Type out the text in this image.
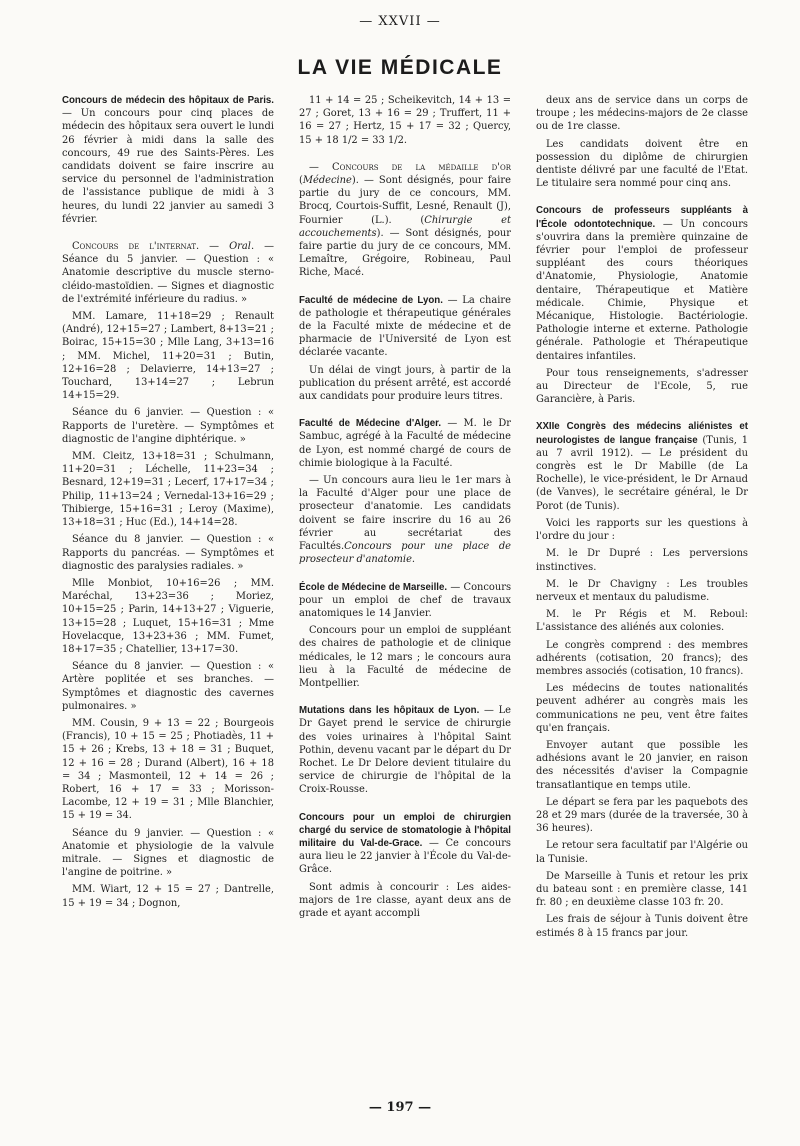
— XXVII —
LA VIE MÉDICALE

Concours de médecin des hôpitaux de Paris. — Un concours pour cinq places de médecin des hôpitaux sera ouvert le lundi 26 février à midi dans la salle des concours, 49 rue des Saints-Pères. Les candidats doivent se faire inscrire au service du personnel de l'administration de l'assistance publique de midi à 3 heures, du lundi 22 janvier au samedi 3 février.

Concours de l'internat. — Oral. — Séance du 5 janvier. — Question : « Anatomie descriptive du muscle sterno-cléido-mastoïdien. — Signes et diagnostic de l'extrémité inférieure du radius. »

MM. Lamare, 11+18=29 ; Renault (André), 12+15=27 ; Lambert, 8+13=21 ; Boirac, 15+15=30 ; Mlle Lang, 3+13=16 ; MM. Michel, 11+20=31 ; Butin, 12+16=28 ; Delavierre, 14+13=27 ; Touchard, 13+14=27 ; Lebrun 14+15=29.

Séance du 6 janvier. — Question : « Rapports de l'uretère. — Symptômes et diagnostic de l'angine diphtérique. »

MM. Cleitz, 13+18=31 ; Schulmann, 11+20=31 ; Léchelle, 11+23=34 ; Besnard, 12+19=31 ; Lecerf, 17+17=34 ; Philip, 11+13=24 ; Vernedal-13+16=29 ; Thibierge, 15+16=31 ; Leroy (Maxime), 13+18=31 ; Huc (Ed.), 14+14=28.

Séance du 8 janvier. — Question : « Rapports du pancréas. — Symptômes et diagnostic des paralysies radiales. »

Mlle Monbiot, 10+16=26 ; MM. Maréchal, 13+23=36 ; Moriez, 10+15=25 ; Parin, 14+13+27 ; Viguerie, 13+15=28 ; Luquet, 15+16=31 ; Mme Hovelacque, 13+23+36 ; MM. Fumet, 18+17=35 ; Chatellier, 13+17=30.

Séance du 8 janvier. — Question : « Artère poplitée et ses branches. — Symptômes et diagnostic des cavernes pulmonaires. »

MM. Cousin, 9 + 13 = 22 ; Bourgeois (Francis), 10 + 15 = 25 ; Photiadès, 11 + 15 + 26 ; Krebs, 13 + 18 = 31 ; Buquet, 12 + 16 = 28 ; Durand (Albert), 16 + 18 = 34 ; Masmonteil, 12 + 14 = 26 ; Robert, 16 + 17 = 33 ; Morisson-Lacombe, 12 + 19 = 31 ; Mlle Blanchier, 15 + 19 = 34.

Séance du 9 janvier. — Question : « Anatomie et physiologie de la valvule mitrale. — Signes et diagnostic de l'angine de poitrine. »

MM. Wiart, 12 + 15 = 27 ; Dantrelle, 15 + 19 = 34 ; Dognon,

11 + 14 = 25 ; Scheikevitch, 14 + 13 = 27 ; Goret, 13 + 16 = 29 ; Truffert, 11 + 16 = 27 ; Hertz, 15 + 17 = 32 ; Quercy, 15 + 18 1/2 = 33 1/2.

— Concours de la médaille d'or (Médecine). — Sont désignés, pour faire partie du jury de ce concours, MM. Brocq, Courtois-Suffit, Lesné, Renault (J), Fournier (L.). (Chirurgie et accouchements). — Sont désignés, pour faire partie du jury de ce concours, MM. Lemaître, Grégoire, Robineau, Paul Riche, Macé.

Faculté de médecine de Lyon. — La chaire de pathologie et thérapeutique générales de la Faculté mixte de médecine et de pharmacie de l'Université de Lyon est déclarée vacante.

Un délai de vingt jours, à partir de la publication du présent arrêté, est accordé aux candidats pour produire leurs titres.

Faculté de Médecine d'Alger. — M. le Dr Sambuc, agrégé à la Faculté de médecine de Lyon, est nommé chargé de cours de chimie biologique à la Faculté.

— Un concours aura lieu le 1er mars à la Faculté d'Alger pour une place de prosecteur d'anatomie. Les candidats doivent se faire inscrire du 16 au 26 février au secrétariat des Facultés.Concours pour une place de prosecteur d'anatomie.

École de Médecine de Marseille. — Concours pour un emploi de chef de travaux anatomiques le 14 Janvier.

Concours pour un emploi de suppléant des chaires de pathologie et de clinique médicales, le 12 mars ; le concours aura lieu à la Faculté de médecine de Montpellier.

Mutations dans les hôpitaux de Lyon. — Le Dr Gayet prend le service de chirurgie des voies urinaires à l'hôpital Saint Pothin, devenu vacant par le départ du Dr Rochet. Le Dr Delore devient titulaire du service de chirurgie de l'hôpital de la Croix-Rousse.

Concours pour un emploi de chirurgien chargé du service de stomatologie à l'hôpital militaire du Val-de-Grace. — Ce concours aura lieu le 22 janvier à l'École du Val-de-Grâce.

Sont admis à concourir : Les aides-majors de 1re classe, ayant deux ans de grade et ayant accompli

deux ans de service dans un corps de troupe ; les médecins-majors de 2e classe ou de 1re classe.

Les candidats doivent être en possession du diplôme de chirurgien dentiste délivré par une faculté de l'Etat. Le titulaire sera nommé pour cinq ans.

Concours de professeurs suppléants à l'École odontotechnique. — Un concours s'ouvrira dans la première quinzaine de février pour l'emploi de professeur suppléant des cours théoriques d'Anatomie, Physiologie, Anatomie dentaire, Thérapeutique et Matière médicale. Chimie, Physique et Mécanique, Histologie. Bactériologie. Pathologie interne et externe. Pathologie générale. Pathologie et Thérapeutique dentaires infantiles.

Pour tous renseignements, s'adresser au Directeur de l'Ecole, 5, rue Garancière, à Paris.

XXIIe Congrès des médecins aliénistes et neurologistes de langue française (Tunis, 1 au 7 avril 1912). — Le président du congrès est le Dr Mabille (de La Rochelle), le vice-président, le Dr Arnaud (de Vanves), le secrétaire général, le Dr Porot (de Tunis).

Voici les rapports sur les questions à l'ordre du jour :

M. le Dr Dupré : Les perversions instinctives.

M. le Dr Chavigny : Les troubles nerveux et mentaux du paludisme.

M. le Pr Régis et M. Reboul: L'assistance des aliénés aux colonies.

Le congrès comprend : des membres adhérents (cotisation, 20 francs); des membres associés (cotisation, 10 francs).

Les médecins de toutes nationalités peuvent adhérer au congrès mais les communications ne peu, vent être faites qu'en français.

Envoyer autant que possible les adhésions avant le 20 janvier, en raison des nécessités d'aviser la Compagnie transatlantique en temps utile.

Le départ se fera par les paquebots des 28 et 29 mars (durée de la traversée, 30 à 36 heures).

Le retour sera facultatif par l'Algérie ou la Tunisie.

De Marseille à Tunis et retour les prix du bateau sont : en première classe, 141 fr. 80 ; en deuxième classe 103 fr. 20.

Les frais de séjour à Tunis doivent être estimés 8 à 15 francs par jour.

— 197 —
